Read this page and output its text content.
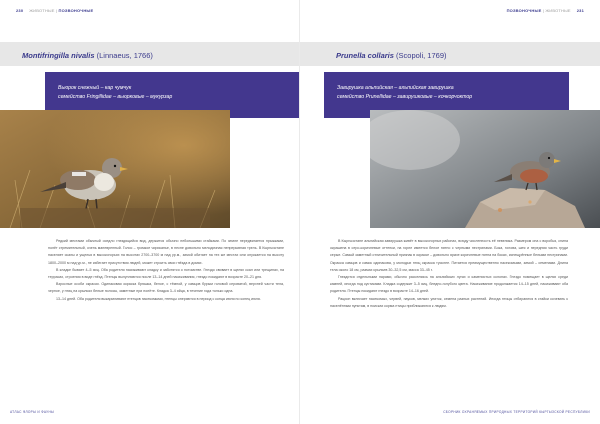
230 ЖИВОТНЫЕ | ПОЗВОНОЧНЫЕ
Montifringilla nivalis (Linnaeus, 1766)
Вьюрок снежный – кар чумчук
семейство Fringillidae – вьюрковые – мукурзар

Редкий местами обычный оседло гнездящийся вид, держится обычно небольшими стайками. По земле передвигается прыжками, полёт стремительный, очень маневренный. Голос – громкое чириканье, в песне довольно мелодичная непрерывная трель. В Кыргызстане населяет скалы и ущелья в высокогорьях на высотах 2700–3700 м над ур.м., зимой обитает на тех же местах или опускается на высоту 1800–2000 м над ур.м., не избегает присутствия людей, может строить свои гнёзда в домах.

В кладке бывает 4–5 яиц. Оба родителя насиживают кладку и заботятся о потомстве. Гнездо свивает в щелях скал или трещинах, на террасах, строения в виде гнёзд. Птенцы вылупляются после 13–14 дней насиживания, гнездо покидают в возрасте 20–21 дня.

Взрослые особи окраски. Одинаковая окраска брюшка, белое, с тёмной, у самцов бурым головой сероватой, верхней части тела, черное, у птиц на крыльях белые полосы, заметные при полёте. Кладка 3–4 яйца, в течение года только одна.

13–14 дней. Оба родителя выкармливают птенцов насекомыми, птенцы оперяются в период с конца июня по конец июля.

АТЛАС ФЛОРЫ И ФАУНЫ
ПОЗВОНОЧНЫЕ | ЖИВОТНЫЕ 231
Prunella collaris (Scopoli, 1769)
Завирушка альпийская – альпийская завирушка
семейство Prunellidae – завирушковые – кочкорчоктор

В Кыргызстане альпийская завирушка живёт в высокогорных районах, всюду численность её невелика. Размером она с воробья, спина окрашена в серо-коричневые оттенки, на горле имеется белое пятно с черными пестринами. Бока, голова, шея и передняя часть груди серые. Самый заметный отличительный признак в окраске – довольно яркие коричневые пятна на боках, испещрённые белыми пестринами. Окраска самцов и самок одинакова, у молодых птиц окраска тусклее. Питается преимущественно насекомыми, зимой – семенами. Длина тела около 18 см, размах крыльев 30–32,5 см, масса 33–45 г.

Гнездится отдельными парами, обычно расселяясь на альпийских лугах и каменистых склонах. Гнездо помещает в щелях среди камней, иногда под кустиками. Кладка содержит 3–5 яиц, бледно-голубого цвета. Насиживание продолжается 14–15 дней, насиживают оба родителя. Птенцы покидают гнездо в возрасте 14–16 дней.

Рацион включает насекомых, червей, пауков, мелких улиток, семена разных растений. Иногда птицы отбираются в стайки кочевать к населённым пунктам, в поисках корма птицы приближаются к людям.

СБОРНИК ОХРАНЯЕМЫХ ПРИРОДНЫХ ТЕРРИТОРИЙ КЫРГЫЗСКОЙ РЕСПУБЛИКИ
